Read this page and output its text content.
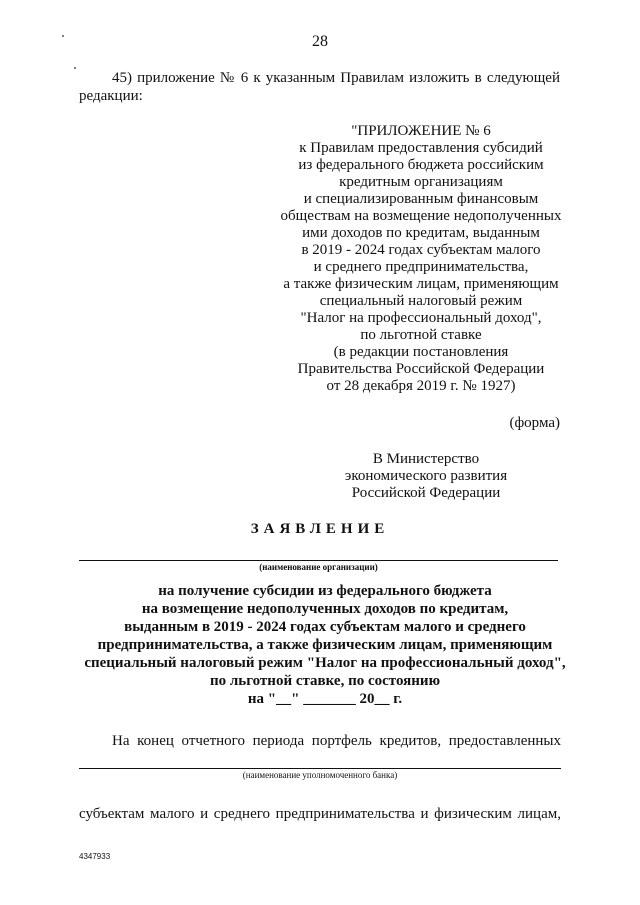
28
45) приложение № 6 к указанным Правилам изложить в следующей
редакции:
"ПРИЛОЖЕНИЕ № 6
к Правилам предоставления субсидий
из федерального бюджета российским
кредитным организациям
и специализированным финансовым
обществам на возмещение недополученных
ими доходов по кредитам, выданным
в 2019 - 2024 годах субъектам малого
и среднего предпринимательства,
а также физическим лицам, применяющим
специальный налоговый режим
"Налог на профессиональный доход",
по льготной ставке
(в редакции постановления
Правительства Российской Федерации
от 28 декабря 2019 г. № 1927)
(форма)
В Министерство
экономического развития
Российской Федерации
ЗАЯВЛЕНИЕ
(наименование организации)
на получение субсидии из федерального бюджета
на возмещение недополученных доходов по кредитам,
выданным в 2019 - 2024 годах субъектам малого и среднего
предпринимательства, а также физическим лицам, применяющим
специальный налоговый режим "Налог на профессиональный доход",
по льготной ставке, по состоянию
на "__" _______ 20__ г.
На конец отчетного периода портфель кредитов, предоставленных
(наименование уполномоченного банка)
субъектам малого и среднего предпринимательства и физическим лицам,
4347933
